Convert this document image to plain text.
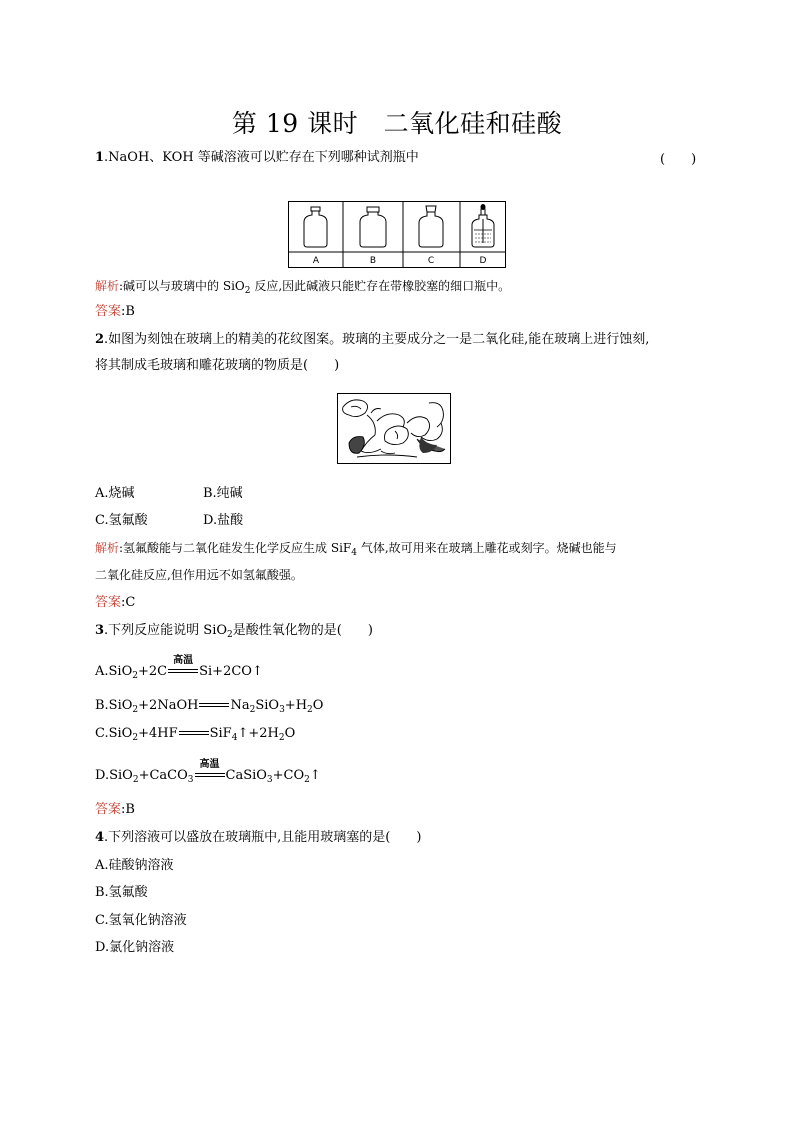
第 19 课时　二氧化硅和硅酸
1.NaOH、KOH 等碱溶液可以贮存在下列哪种试剂瓶中	(　　)
A	B	C	D
解析:碱可以与玻璃中的 SiO$_2$ 反应,因此碱液只能贮存在带橡胶塞的细口瓶中。
答案:B
2.如图为刻蚀在玻璃上的精美的花纹图案。玻璃的主要成分之一是二氧化硅,能在玻璃上进行蚀刻,
将其制成毛玻璃和雕花玻璃的物质是(　　)
A.烧碱	B.纯碱
C.氢氟酸	D.盐酸
解析:氢氟酸能与二氧化硅发生化学反应生成 SiF$_4$ 气体,故可用来在玻璃上雕花或刻字。烧碱也能与
二氧化硅反应,但作用远不如氢氟酸强。
答案:C
3.下列反应能说明 SiO$_2$是酸性氧化物的是(　　)
A.SiO$_2$+2C
高温
Si+2CO↑
B.SiO$_2$+2NaOH $Na_2SiO_3+H_2O$
C.SiO$_2$+4HF $SiF_4↑+2H_2O$
D.SiO$_2$+CaCO$_3$
高温
$CaSiO_3+CO_2↑$
答案:B
4.下列溶液可以盛放在玻璃瓶中,且能用玻璃塞的是(　　)
A.硅酸钠溶液
B.氢氟酸
C.氢氧化钠溶液
D.氯化钠溶液
